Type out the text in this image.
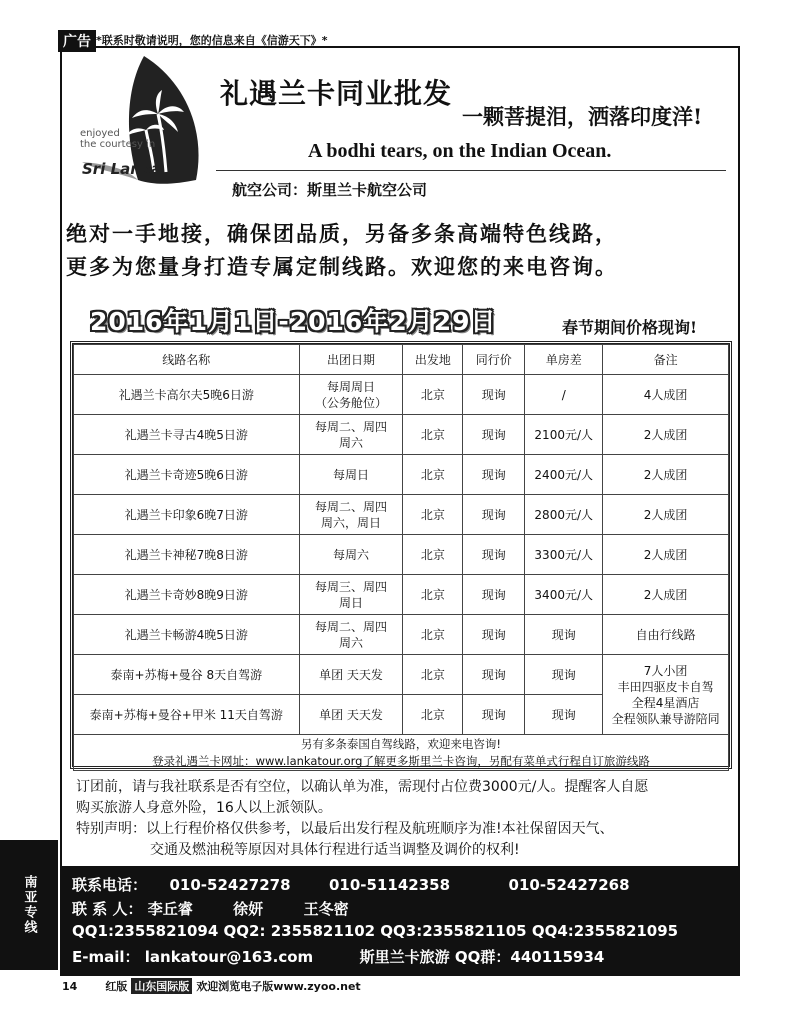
广告 *联系时敬请说明，您的信息来自《信游天下》*
enjoyed
the courtesy in
Sri Lanka
礼遇兰卡同业批发
一颗菩提泪，洒落印度洋!
A bodhi tears, on the Indian Ocean.
航空公司：斯里兰卡航空公司
绝对一手地接，确保团品质，另备多条高端特色线路，
更多为您量身打造专属定制线路。欢迎您的来电咨询。
2016年1月1日-2016年2月29日	春节期间价格现询!
线路名称	出团日期	出发地	同行价	单房差	备注
礼遇兰卡高尔夫5晚6日游	每周周日
（公务舱位）	北京	现询	/	4人成团
礼遇兰卡寻古4晚5日游	每周二、周四
周六	北京	现询	2100元/人	2人成团
礼遇兰卡奇迹5晚6日游	每周日	北京	现询	2400元/人	2人成团
礼遇兰卡印象6晚7日游	每周二、周四
周六，周日	北京	现询	2800元/人	2人成团
礼遇兰卡神秘7晚8日游	每周六	北京	现询	3300元/人	2人成团
礼遇兰卡奇妙8晚9日游	每周三、周四
周日	北京	现询	3400元/人	2人成团
礼遇兰卡畅游4晚5日游	每周二、周四
周六	北京	现询	现询	自由行线路
泰南+苏梅+曼谷 8天自驾游	单团 天天发	北京	现询	现询	7人小团
丰田四驱皮卡自驾
全程4星酒店
全程领队兼导游陪同
泰南+苏梅+曼谷+甲米 11天自驾游	单团 天天发	北京	现询	现询	

另有多条泰国自驾线路，欢迎来电咨询!
登录礼遇兰卡网址：www.lankatour.org了解更多斯里兰卡咨询，另配有菜单式行程自订旅游线路					
订团前，请与我社联系是否有空位，以确认单为准，需现付占位费3000元/人。提醒客人自愿
购买旅游人身意外险，16人以上派领队。
特别声明：以上行程价格仅供参考，以最后出发行程及航班顺序为准!本社保留因天气、
交通及燃油税等原因对具体行程进行适当调整及调价的权利!
南亚专线	联系电话： 010-52427278	010-51142358	010-52427268
联 系 人： 李丘睿	徐妍	王冬密
QQ1:2355821094 QQ2: 2355821102 QQ3:2355821105 QQ4:2355821095
E-mail： lankatour@163.com	斯里兰卡旅游 QQ群：440115934
14	红版 山东国际版 欢迎浏览电子版www.zyoo.net
